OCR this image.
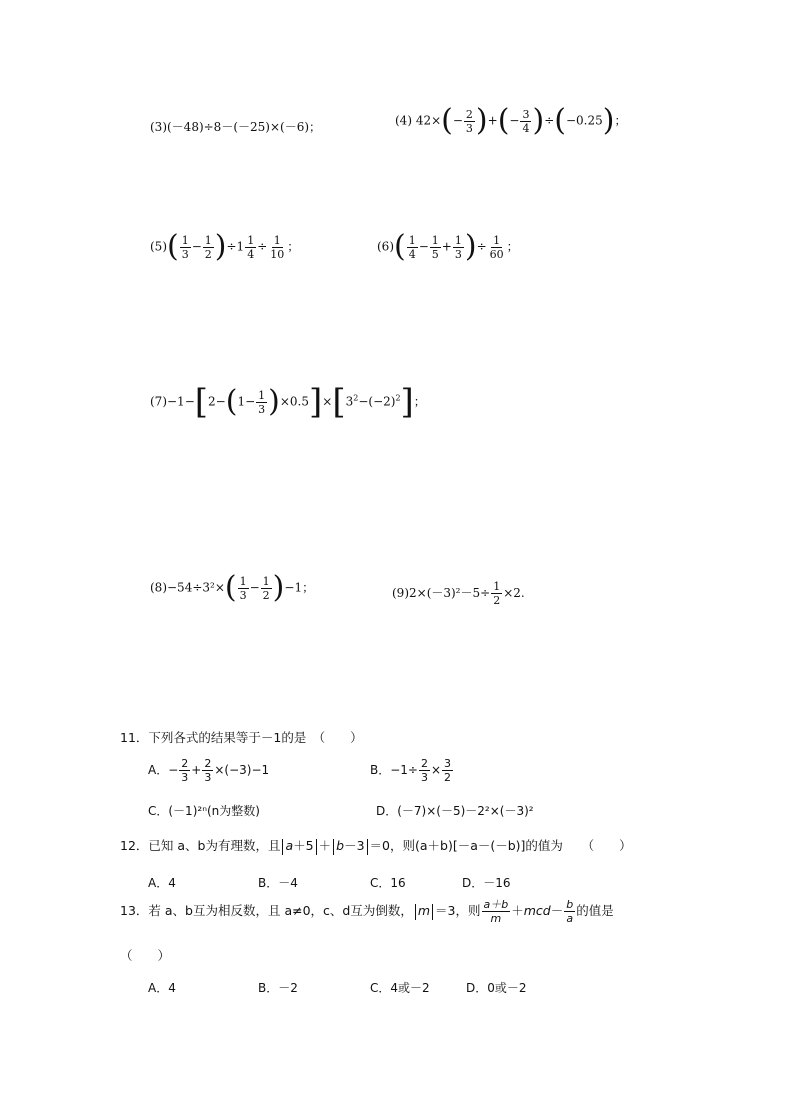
(3)(－48)÷8－(－25)×(－6)；	(4) $42\times(- \frac{2}{3}$ )+(− $\frac{3}{4} )\div(-0.25)$；
$(5)( \frac{1}{3} - \frac{1}{2} )\div 1 \frac{1}{4} \div \frac{1}{10}$ ；	$(6)( \frac{1}{4} - \frac{1}{5} + \frac{1}{3}$ )÷ $\frac{1}{60}$ ；
$(7)-1-[2-(1- \frac{1}{3} )\times 0.5]\times[3^2-(-2)^2]$；
$(8)-54\div 3^2\times( \frac{1}{3} - \frac{1}{2} )-1$；	$(9)2\times(-3)^2-5\div \frac{1}{2} \times 2$.
11．下列各式的结果等于－1的是　（　　）
A．− $\frac{2}{3} + \frac{2}{3} \times(-3)-1$	B．$-1\div \frac{2}{3} \times \frac{3}{2}$
C．(－1)²ⁿ(n为整数)	D．(－7)×(－5)－2²×(－3)²
12．已知 a、b为有理数，且 a＋5 ＋ b－3 ＝0，则(a＋b)[－a－(－b)]的值为　　（　　）
A．4	B．－4	C．16	D．－16
13．若 a、b互为相反数，且 a≠0，c、d互为倒数， m ＝3，则 $\frac{a+b}{m} +mcd- \frac{b}{a}$ 的值是
（　　）
A．4	B．－2	C．4或－2	D．0或－2
